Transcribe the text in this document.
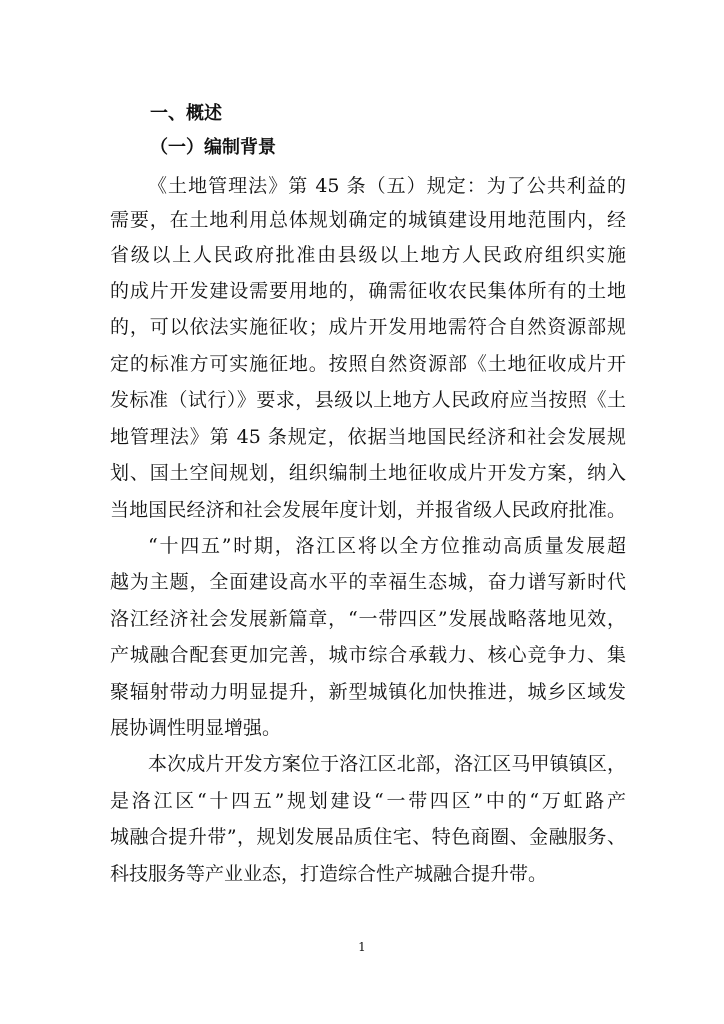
一、概述
（一）编制背景
《土地管理法》第 45 条（五）规定：为了公共利益的
需要，在土地利用总体规划确定的城镇建设用地范围内，经
省级以上人民政府批准由县级以上地方人民政府组织实施
的成片开发建设需要用地的，确需征收农民集体所有的土地
的，可以依法实施征收；成片开发用地需符合自然资源部规
定的标准方可实施征地。按照自然资源部《土地征收成片开
发标准（试行）》要求，县级以上地方人民政府应当按照《土
地管理法》第 45 条规定，依据当地国民经济和社会发展规
划、国土空间规划，组织编制土地征收成片开发方案，纳入
当地国民经济和社会发展年度计划，并报省级人民政府批准。
“十四五”时期，洛江区将以全方位推动高质量发展超
越为主题，全面建设高水平的幸福生态城，奋力谱写新时代
洛江经济社会发展新篇章，“一带四区”发展战略落地见效，
产城融合配套更加完善，城市综合承载力、核心竞争力、集
聚辐射带动力明显提升，新型城镇化加快推进，城乡区域发
展协调性明显增强。
本次成片开发方案位于洛江区北部，洛江区马甲镇镇区，
是洛江区“十四五”规划建设“一带四区”中的“万虹路产
城融合提升带”，规划发展品质住宅、特色商圈、金融服务、
科技服务等产业业态，打造综合性产城融合提升带。
1
